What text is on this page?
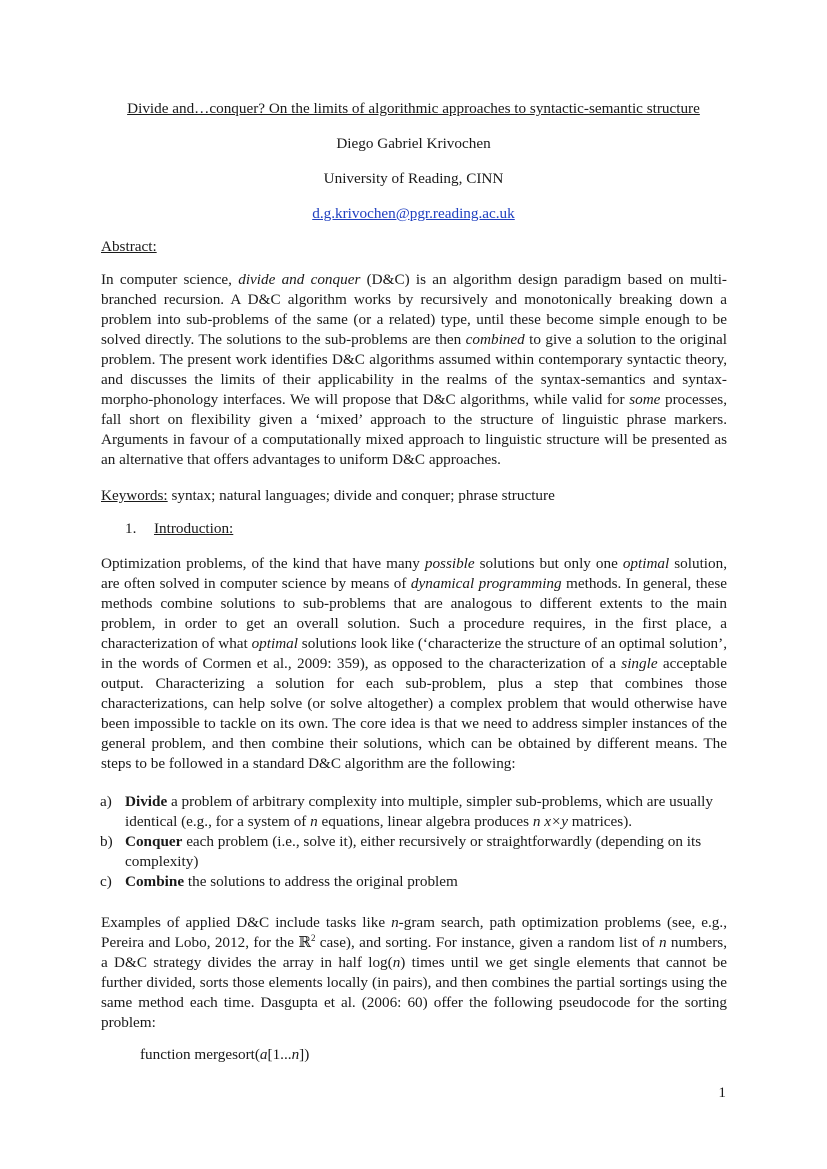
Divide and…conquer? On the limits of algorithmic approaches to syntactic-semantic structure
Diego Gabriel Krivochen
University of Reading, CINN
d.g.krivochen@pgr.reading.ac.uk
Abstract:

In computer science, divide and conquer (D&C) is an algorithm design paradigm based on multi-branched recursion. A D&C algorithm works by recursively and monotonically breaking down a problem into sub-problems of the same (or a related) type, until these become simple enough to be solved directly. The solutions to the sub-problems are then combined to give a solution to the original problem. The present work identifies D&C algorithms assumed within contemporary syntactic theory, and discusses the limits of their applicability in the realms of the syntax-semantics and syntax-morpho-phonology interfaces. We will propose that D&C algorithms, while valid for some processes, fall short on flexibility given a ‘mixed’ approach to the structure of linguistic phrase markers. Arguments in favour of a computationally mixed approach to linguistic structure will be presented as an alternative that offers advantages to uniform D&C approaches.

Keywords: syntax; natural languages; divide and conquer; phrase structure
1. Introduction:

Optimization problems, of the kind that have many possible solutions but only one optimal solution, are often solved in computer science by means of dynamical programming methods. In general, these methods combine solutions to sub-problems that are analogous to different extents to the main problem, in order to get an overall solution. Such a procedure requires, in the first place, a characterization of what optimal solutions look like (‘characterize the structure of an optimal solution’, in the words of Cormen et al., 2009: 359), as opposed to the characterization of a single acceptable output. Characterizing a solution for each sub-problem, plus a step that combines those characterizations, can help solve (or solve altogether) a complex problem that would otherwise have been impossible to tackle on its own. The core idea is that we need to address simpler instances of the general problem, and then combine their solutions, which can be obtained by different means. The steps to be followed in a standard D&C algorithm are the following:

a) Divide a problem of arbitrary complexity into multiple, simpler sub-problems, which are usually identical (e.g., for a system of n equations, linear algebra produces n x×y matrices).
b) Conquer each problem (i.e., solve it), either recursively or straightforwardly (depending on its complexity)
c) Combine the solutions to address the original problem

Examples of applied D&C include tasks like n-gram search, path optimization problems (see, e.g., Pereira and Lobo, 2012, for the ℝ$^2$ case), and sorting. For instance, given a random list of n numbers, a D&C strategy divides the array in half log(n) times until we get single elements that cannot be further divided, sorts those elements locally (in pairs), and then combines the partial sortings using the same method each time. Dasgupta et al. (2006: 60) offer the following pseudocode for the sorting problem:

function mergesort(a[1...n])
1
